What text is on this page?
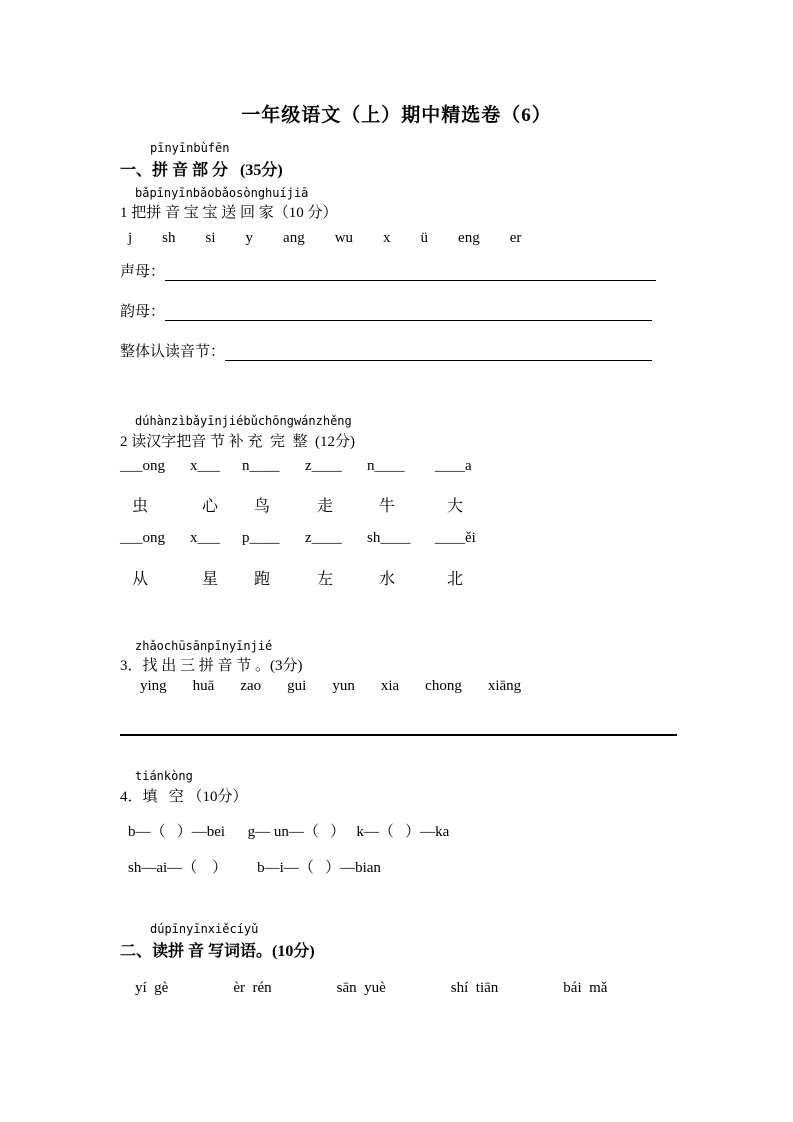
一年级语文（上）期中精选卷（6）
pīnyīnbùfēn
一、拼 音 部 分   (35分)
bǎpīnyīnbǎobǎosònghuíjiā
1 把拼 音 宝 宝 送 回 家（10 分）
j sh si y ang wu x ü eng er
声母：
韵母：
整体认读音节：
dúhànzìbǎyīnjiébǔchōngwánzhěng
2 读汉字把音 节 补 充  完  整  (12分)
___ong	x___	n____	z____	n____	____a
虫	心	鸟	走	牛	大
___ong	x___	p____	z____	sh____	____ěi
从	星	跑	左	水	北
zhǎochūsānpīnyīnjié
3．找 出 三 拼 音 节 。(3分)
ying huā zao gui yun xia chong xiāng
tiánkòng
4．填   空 （10分）
b—（   ）—bei      g— un—（   ）   k—（   ）—ka
sh—ai—（    ）        b—i—（   ）—bian
dúpīnyīnxiěcíyǔ
二、读拼 音 写词语。(10分)
yí  gè	èr  rén	sān  yuè	shí  tiān	bái  mǎ
